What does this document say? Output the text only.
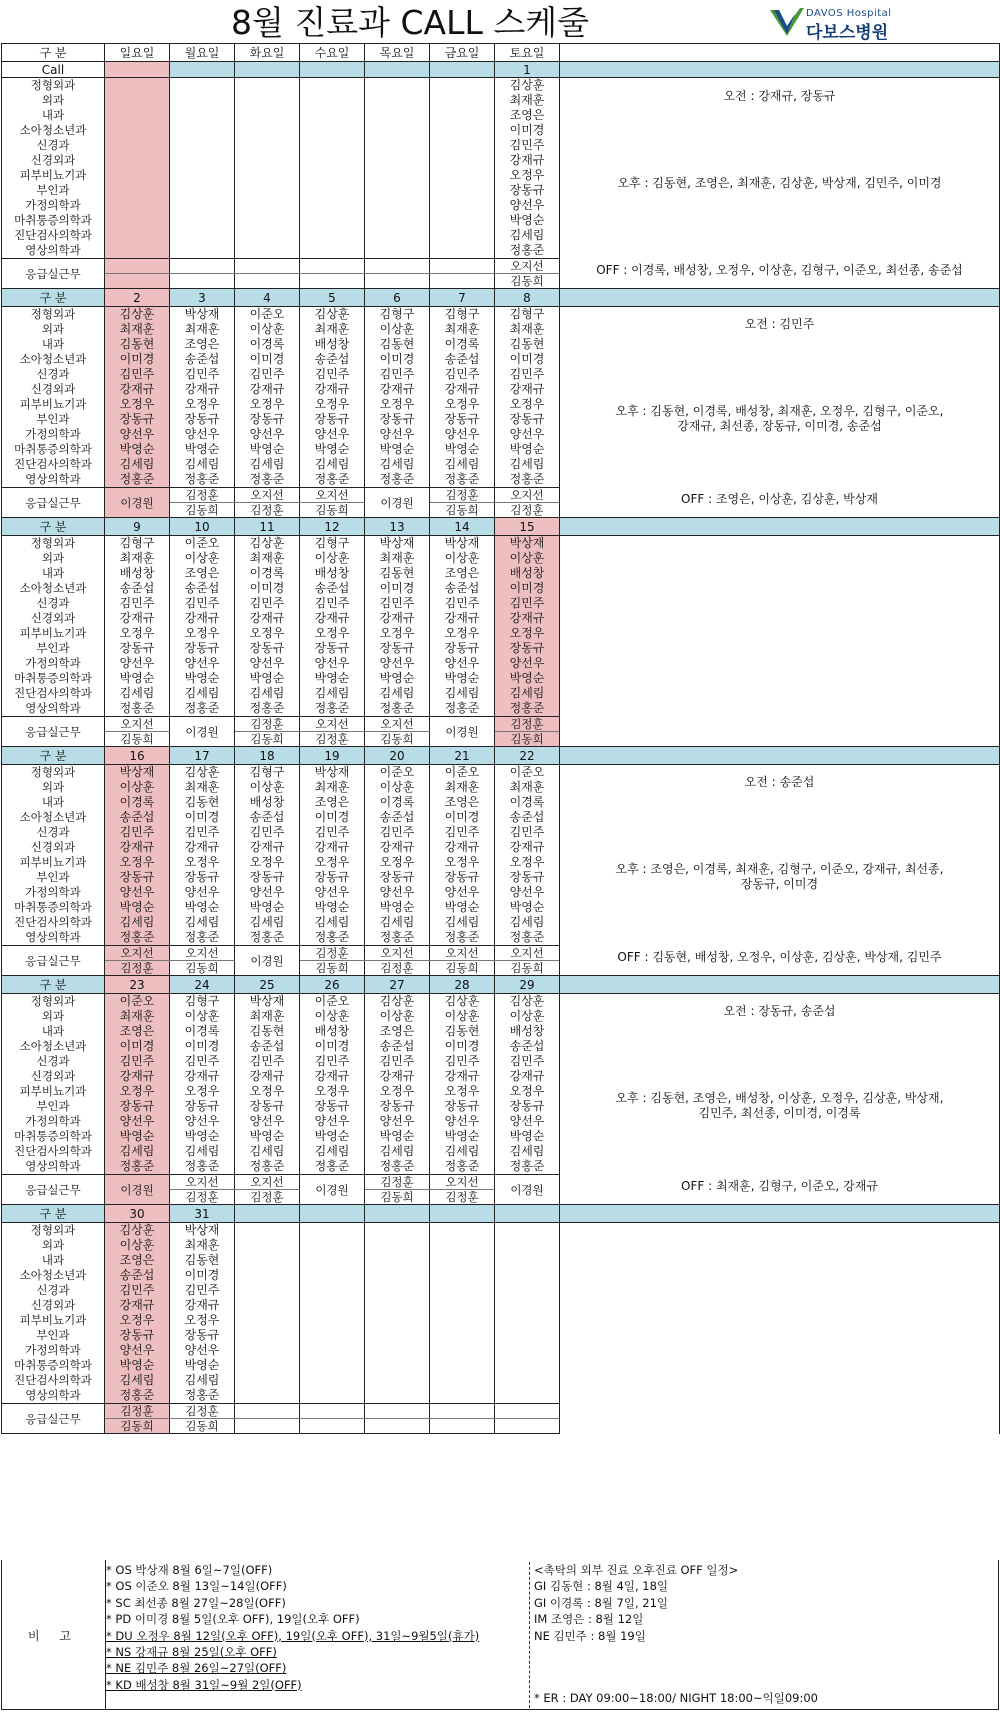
8월 진료과 CALL 스케줄	DAVOS Hospital
다보스병원
구 분	일요일	월요일	화요일	수요일	목요일	금요일	토요일	
Call							1	
정형외과							김상훈	오전 : 강재규, 장동규
오후 : 김동현, 조영은, 최재훈, 김상훈, 박상재, 김민주, 이미경
OFF : 이경록, 배성창, 오정우, 이상훈, 김형구, 이준오, 최선종, 송준섭

외과							최재훈	
내과							조영은	
소아청소년과							이미경	
신경과							김민주	
신경외과							강재규	
피부비뇨기과							오정우	
부인과							장동규	
가정의학과							양선우	
마취통증의학과							박영순	
진단검사의학과							김세림	
영상의학과							정홍준	
응급실근무							오지선	
							김동희	
구 분	2	3	4	5	6	7	8	
정형외과	김상훈	박상재	이준오	김상훈	김형구	김형구	김형구	오전 : 김민주
오후 : 김동현, 이경록, 배성창, 최재훈, 오정우, 김형구, 이준오,
강재규, 최선종, 장동규, 이미경, 송준섭
OFF : 조영은, 이상훈, 김상훈, 박상재

외과	최재훈	최재훈	이상훈	최재훈	이상훈	최재훈	최재훈	
내과	김동현	조영은	이경록	배성창	김동현	이경록	김동현	
소아청소년과	이미경	송준섭	이미경	송준섭	이미경	송준섭	이미경	
신경과	김민주	김민주	김민주	김민주	김민주	김민주	김민주	
신경외과	강재규	강재규	강재규	강재규	강재규	강재규	강재규	
피부비뇨기과	오정우	오정우	오정우	오정우	오정우	오정우	오정우	
부인과	장동규	장동규	장동규	장동규	장동규	장동규	장동규	
가정의학과	양선우	양선우	양선우	양선우	양선우	양선우	양선우	
마취통증의학과	박영순	박영순	박영순	박영순	박영순	박영순	박영순	
진단검사의학과	김세림	김세림	김세림	김세림	김세림	김세림	김세림	
영상의학과	정홍준	정홍준	정홍준	정홍준	정홍준	정홍준	정홍준	
응급실근무	이경원	김정훈	오지선	오지선	이경원	김정훈	오지선	
		김동희	김정훈	김동희		김동희	김정훈	
구 분	9	10	11	12	13	14	15	
정형외과	김형구	이준오	김상훈	김형구	박상재	박상재	박상재	
외과	최재훈	이상훈	최재훈	이상훈	최재훈	이상훈	이상훈	
내과	배성창	조영은	이경록	배성창	김동현	조영은	배성창	
소아청소년과	송준섭	송준섭	이미경	송준섭	이미경	송준섭	이미경	
신경과	김민주	김민주	김민주	김민주	김민주	김민주	김민주	
신경외과	강재규	강재규	강재규	강재규	강재규	강재규	강재규	
피부비뇨기과	오정우	오정우	오정우	오정우	오정우	오정우	오정우	
부인과	장동규	장동규	장동규	장동규	장동규	장동규	장동규	
가정의학과	양선우	양선우	양선우	양선우	양선우	양선우	양선우	
마취통증의학과	박영순	박영순	박영순	박영순	박영순	박영순	박영순	
진단검사의학과	김세림	김세림	김세림	김세림	김세림	김세림	김세림	
영상의학과	정홍준	정홍준	정홍준	정홍준	정홍준	정홍준	정홍준	
응급실근무	오지선	이경원	김정훈	오지선	오지선	이경원	김정훈	
	김동희		김동희	김정훈	김동희		김동희	
구 분	16	17	18	19	20	21	22	
정형외과	박상재	김상훈	김형구	박상재	이준오	이준오	이준오	오전 : 송준섭
오후 : 조영은, 이경록, 최재훈, 김형구, 이준오, 강재규, 최선종,
장동규, 이미경
OFF : 김동현, 배성창, 오정우, 이상훈, 김상훈, 박상재, 김민주

외과	이상훈	최재훈	이상훈	최재훈	이상훈	최재훈	최재훈	
내과	이경록	김동현	배성창	조영은	이경록	조영은	이경록	
소아청소년과	송준섭	이미경	송준섭	이미경	송준섭	이미경	송준섭	
신경과	김민주	김민주	김민주	김민주	김민주	김민주	김민주	
신경외과	강재규	강재규	강재규	강재규	강재규	강재규	강재규	
피부비뇨기과	오정우	오정우	오정우	오정우	오정우	오정우	오정우	
부인과	장동규	장동규	장동규	장동규	장동규	장동규	장동규	
가정의학과	양선우	양선우	양선우	양선우	양선우	양선우	양선우	
마취통증의학과	박영순	박영순	박영순	박영순	박영순	박영순	박영순	
진단검사의학과	김세림	김세림	김세림	김세림	김세림	김세림	김세림	
영상의학과	정홍준	정홍준	정홍준	정홍준	정홍준	정홍준	정홍준	
응급실근무	오지선	오지선	이경원	김정훈	오지선	오지선	오지선	
	김정훈	김동희		김동희	김정훈	김동희	김동희	
구 분	23	24	25	26	27	28	29	
정형외과	이준오	김형구	박상재	이준오	김상훈	김상훈	김상훈	오전 : 장동규, 송준섭
오후 : 김동현, 조영은, 배성창, 이상훈, 오정우, 김상훈, 박상재,
김민주, 최선종, 이미경, 이경록
OFF : 최재훈, 김형구, 이준오, 강재규

외과	최재훈	이상훈	최재훈	이상훈	이상훈	이상훈	이상훈	
내과	조영은	이경록	김동현	배성창	조영은	김동현	배성창	
소아청소년과	이미경	이미경	송준섭	이미경	송준섭	이미경	송준섭	
신경과	김민주	김민주	김민주	김민주	김민주	김민주	김민주	
신경외과	강재규	강재규	강재규	강재규	강재규	강재규	강재규	
피부비뇨기과	오정우	오정우	오정우	오정우	오정우	오정우	오정우	
부인과	장동규	장동규	장동규	장동규	장동규	장동규	장동규	
가정의학과	양선우	양선우	양선우	양선우	양선우	양선우	양선우	
마취통증의학과	박영순	박영순	박영순	박영순	박영순	박영순	박영순	
진단검사의학과	김세림	김세림	김세림	김세림	김세림	김세림	김세림	
영상의학과	정홍준	정홍준	정홍준	정홍준	정홍준	정홍준	정홍준	
응급실근무	이경원	오지선	오지선	이경원	김정훈	오지선	이경원	
		김정훈	김정훈		김동희	김정훈		
구 분	30	31						
정형외과	김상훈	박상재						
외과	이상훈	최재훈						
내과	조영은	김동현						
소아청소년과	송준섭	이미경						
신경과	김민주	김민주						
신경외과	강재규	강재규						
피부비뇨기과	오정우	오정우						
부인과	장동규	장동규						
가정의학과	양선우	양선우						
마취통증의학과	박영순	박영순						
진단검사의학과	김세림	김세림						
영상의학과	정홍준	정홍준						
응급실근무	김정훈	김정훈						
	김동희	김동희						
비 고
* OS 박상재 8월 6일~7일(OFF)
* OS 이준오 8월 13일~14일(OFF)
* SC 최선종 8월 27일~28일(OFF)
* PD 이미경 8월 5일(오후 OFF), 19일(오후 OFF)
* DU 오정우 8월 12일(오후 OFF), 19일(오후 OFF), 31일~9월5일(휴가)
* NS 강재규 8월 25일(오후 OFF)
* NE 김민주 8월 26일~27일(OFF)
* KD 배성창 8월 31일~9월 2일(OFF)
<촉탁의 외부 진료 오후진료 OFF 일정>
GI 김동현 : 8월 4일, 18일
GI 이경록 : 8월 7일, 21일
IM 조영은 : 8월 12일
NE 김민주 : 8월 19일
* ER : DAY 09:00~18:00/ NIGHT 18:00~익일09:00
